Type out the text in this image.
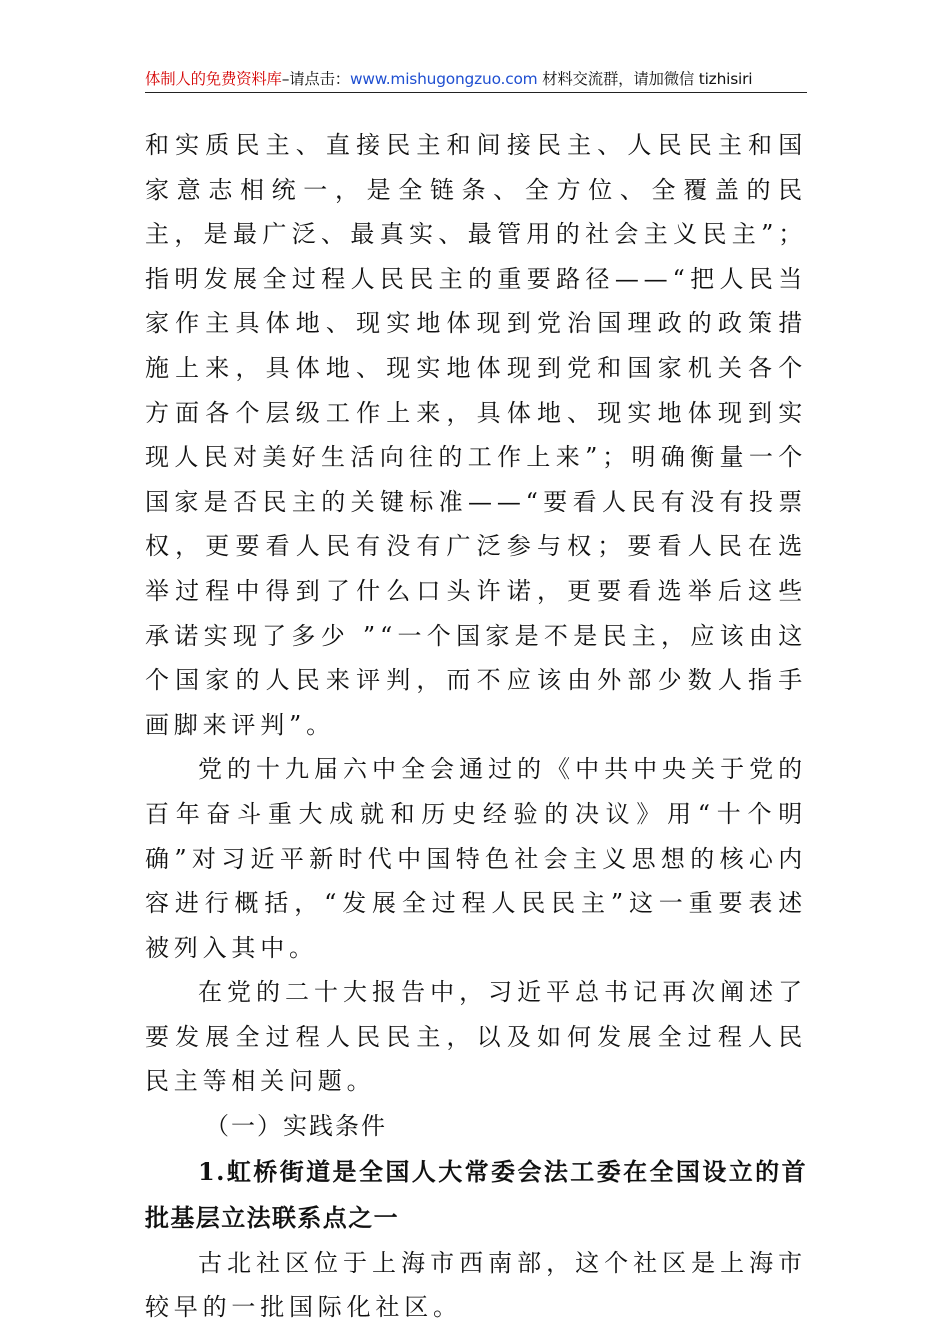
体制人的免费资料库–请点击：www.mishugongzuo.com 材料交流群，请加微信 tizhisiri

和实质民主、直接民主和间接民主、人民民主和国家意志相统一，是全链条、全方位、全覆盖的民主，是最广泛、最真实、最管用的社会主义民主”；指明发展全过程人民民主的重要路径——“把人民当家作主具体地、现实地体现到党治国理政的政策措施上来，具体地、现实地体现到党和国家机关各个方面各个层级工作上来，具体地、现实地体现到实现人民对美好生活向往的工作上来”；明确衡量一个国家是否民主的关键标准——“要看人民有没有投票权，更要看人民有没有广泛参与权；要看人民在选举过程中得到了什么口头许诺，更要看选举后这些承诺实现了多少 ”“一个国家是不是民主，应该由这个国家的人民来评判，而不应该由外部少数人指手画脚来评判”。

党的十九届六中全会通过的《中共中央关于党的百年奋斗重大成就和历史经验的决议》用“十个明确”对习近平新时代中国特色社会主义思想的核心内容进行概括，“发展全过程人民民主”这一重要表述被列入其中。

在党的二十大报告中，习近平总书记再次阐述了要发展全过程人民民主，以及如何发展全过程人民民主等相关问题。

（一）实践条件

1.虹桥街道是全国人大常委会法工委在全国设立的首批基层立法联系点之一

古北社区位于上海市西南部，这个社区是上海市较早的一批国际化社区。
